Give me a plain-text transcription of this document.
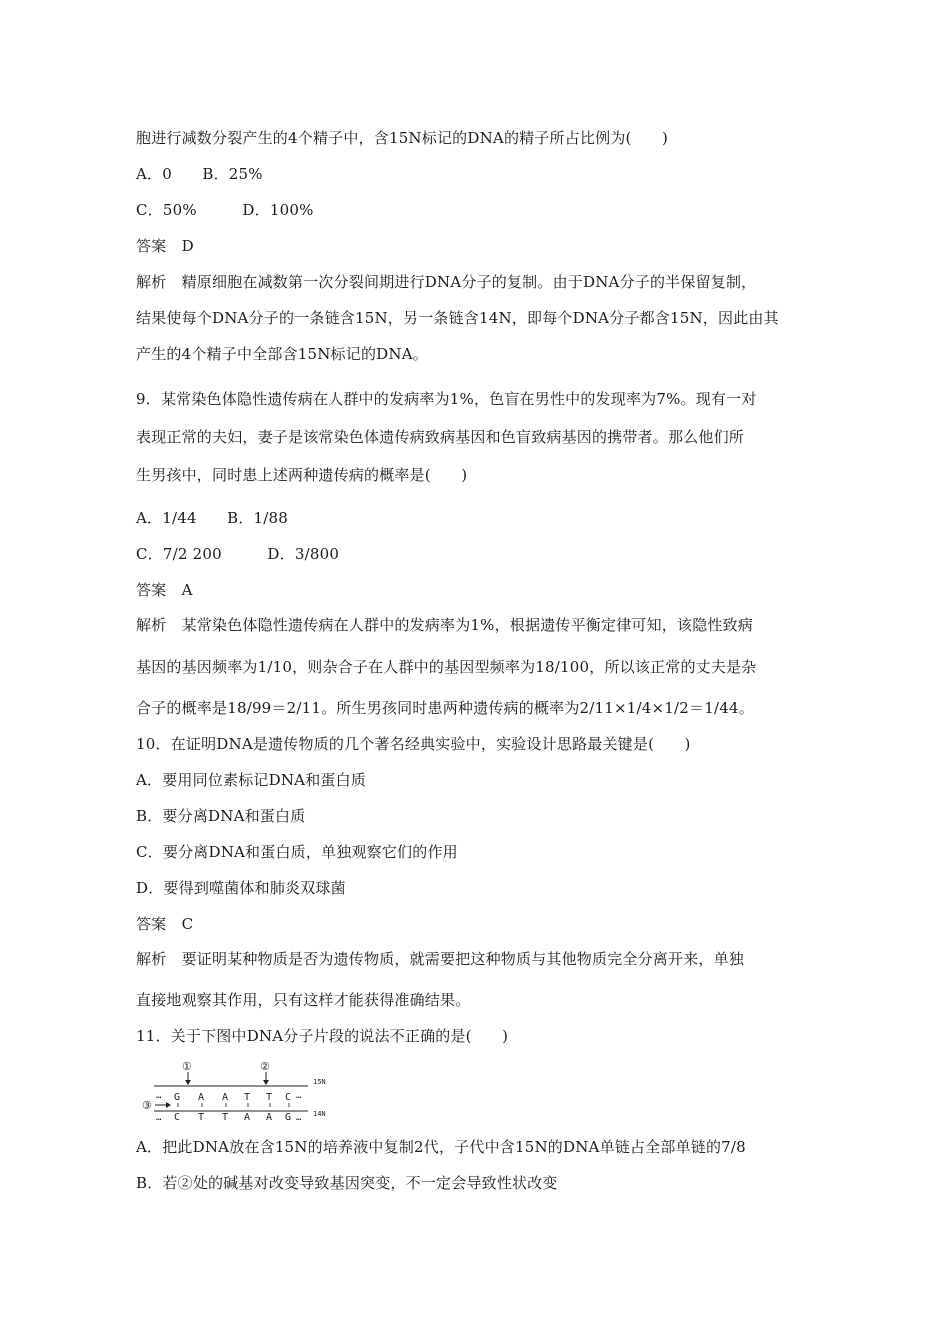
胞进行减数分裂产生的4个精子中，含15N标记的DNA的精子所占比例为(　　)
A．0　　B．25%
C．50%　　　D．100%
答案　D
解析　精原细胞在减数第一次分裂间期进行DNA分子的复制。由于DNA分子的半保留复制，
结果使每个DNA分子的一条链含15N，另一条链含14N，即每个DNA分子都含15N，因此由其
产生的4个精子中全部含15N标记的DNA。
9．某常染色体隐性遗传病在人群中的发病率为1%，色盲在男性中的发现率为7%。现有一对
表现正常的夫妇，妻子是该常染色体遗传病致病基因和色盲致病基因的携带者。那么他们所
生男孩中，同时患上述两种遗传病的概率是(　　)
A．1/44　　B．1/88
C．7/2 200　　　D．3/800
答案　A
解析　某常染色体隐性遗传病在人群中的发病率为1%，根据遗传平衡定律可知，该隐性致病
基因的基因频率为1/10，则杂合子在人群中的基因型频率为18/100，所以该正常的丈夫是杂
合子的概率是18/99＝2/11。所生男孩同时患两种遗传病的概率为2/11×1/4×1/2＝1/44。
10．在证明DNA是遗传物质的几个著名经典实验中，实验设计思路最关键是(　　)
A．要用同位素标记DNA和蛋白质
B．要分离DNA和蛋白质
C．要分离DNA和蛋白质，单独观察它们的作用
D．要得到噬菌体和肺炎双球菌
答案　C
解析　要证明某种物质是否为遗传物质，就需要把这种物质与其他物质完全分离开来，单独
直接地观察其作用，只有这样才能获得准确结果。
11．关于下图中DNA分子片段的说法不正确的是(　　)
①	②
15N
14N
… G A A T T C …
③
… C T T A A G …
A．把此DNA放在含15N的培养液中复制2代，子代中含15N的DNA单链占全部单链的7/8
B．若②处的碱基对改变导致基因突变，不一定会导致性状改变
